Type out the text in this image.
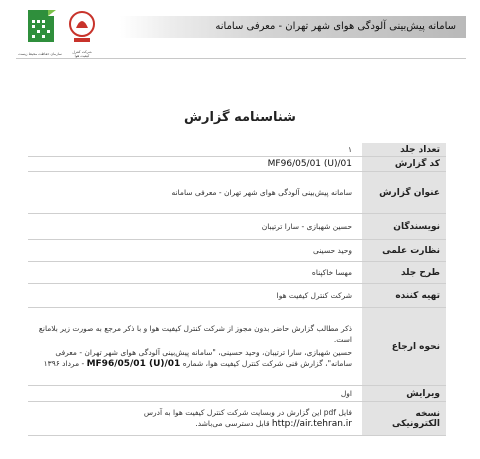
سازمان حفاظت محیط زیست	شرکت کنترل کیفیت هوا
سامانه پیش‌بینی آلودگی هوای شهر تهران - معرفی سامانه
شناسنامه گزارش
تعداد جلد	۱
کد گزارش	MF96/05/01 (U)/01
عنوان گزارش	سامانه پیش‌بینی آلودگی هوای شهر تهران - معرفی سامانه
نویسندگان	حسین شهبازی - سارا ترتیبان
نظارت علمی	وحید حسینی
طرح جلد	مهسا خاکپناه
تهیه کننده	شرکت کنترل کیفیت هوا
نحوه ارجاع	ذکر مطالب گزارش حاضر بدون مجوز از شرکت کنترل کیفیت هوا و با ذکر مرجع به صورت زیر بلامانع است.
حسین شهبازی، سارا ترتیبان، وحید حسینی، "سامانه پیش‌بینی آلودگی هوای شهر تهران - معرفی سامانه"، گزارش فنی شرکت کنترل کیفیت هوا، شماره MF96/05/01 (U)/01 - مرداد ۱۳۹۶

ویرایش	اول
نسخه الکترونیکی	فایل pdf این گزارش در وبسایت شرکت کنترل کیفیت هوا به آدرس
http://air.tehran.ir قابل دسترسی می‌باشد.
